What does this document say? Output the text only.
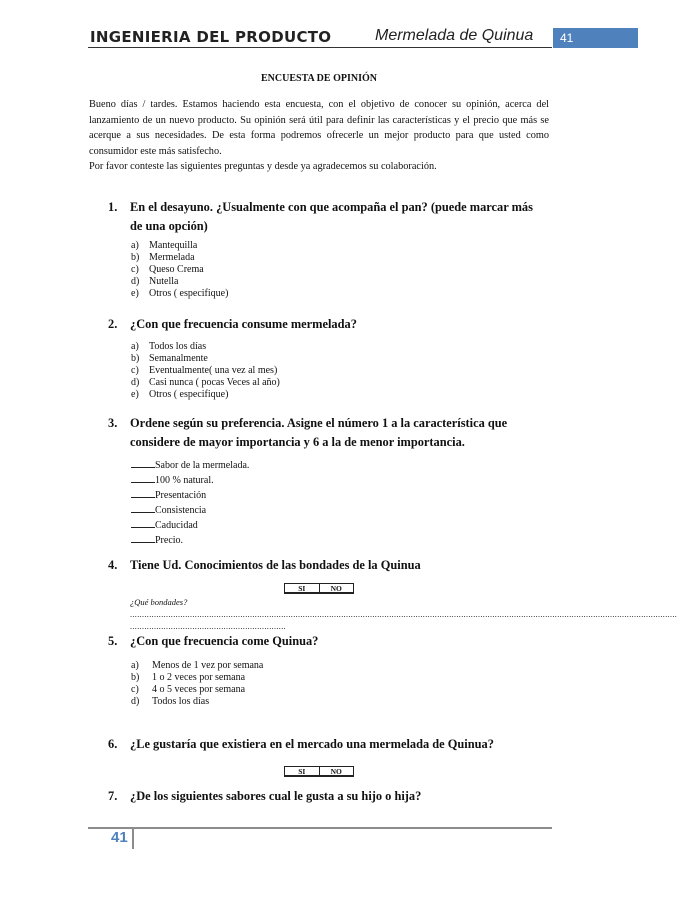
INGENIERIA DEL PRODUCTO	Mermelada de Quinua	41
ENCUESTA DE OPINIÓN

Bueno días / tardes. Estamos haciendo esta encuesta, con el objetivo de conocer su opinión, acerca del lanzamiento de un nuevo producto. Su opinión será útil para definir las características y el precio que más se acerque a sus necesidades. De esta forma podremos ofrecerle un mejor producto para que usted como consumidor este más satisfecho.

Por favor conteste las siguientes preguntas y desde ya agradecemos su colaboración.

1. En el desayuno. ¿Usualmente con que acompaña el pan? (puede marcar más de una opción)
a) Mantequilla
b) Mermelada
c) Queso Crema
d) Nutella
e) Otros ( especifique)
2. ¿Con que frecuencia consume mermelada?
a) Todos los días
b) Semanalmente
c) Eventualmente( una vez al mes)
d) Casi nunca ( pocas Veces al año)
e) Otros ( especifique)
3. Ordene según su preferencia. Asigne el número 1 a la característica que considere de mayor importancia y 6 a la de menor importancia.
Sabor de la mermelada.
100 % natural.
Presentación
Consistencia
Caducidad
Precio.
4. Tiene Ud. Conocimientos de las bondades de la Quinua
SI	NO
¿Qué bondades?
....................................................................................................................................................................................................................................
.................................................................
5. ¿Con que frecuencia come Quinua?
a) Menos de 1 vez por semana
b) 1 o 2 veces por semana
c) 4 o 5 veces por semana
d) Todos los días
6. ¿Le gustaría que existiera en el mercado una mermelada de Quinua?
SI	NO
7. ¿De los siguientes sabores cual le gusta a su hijo o hija?
41
